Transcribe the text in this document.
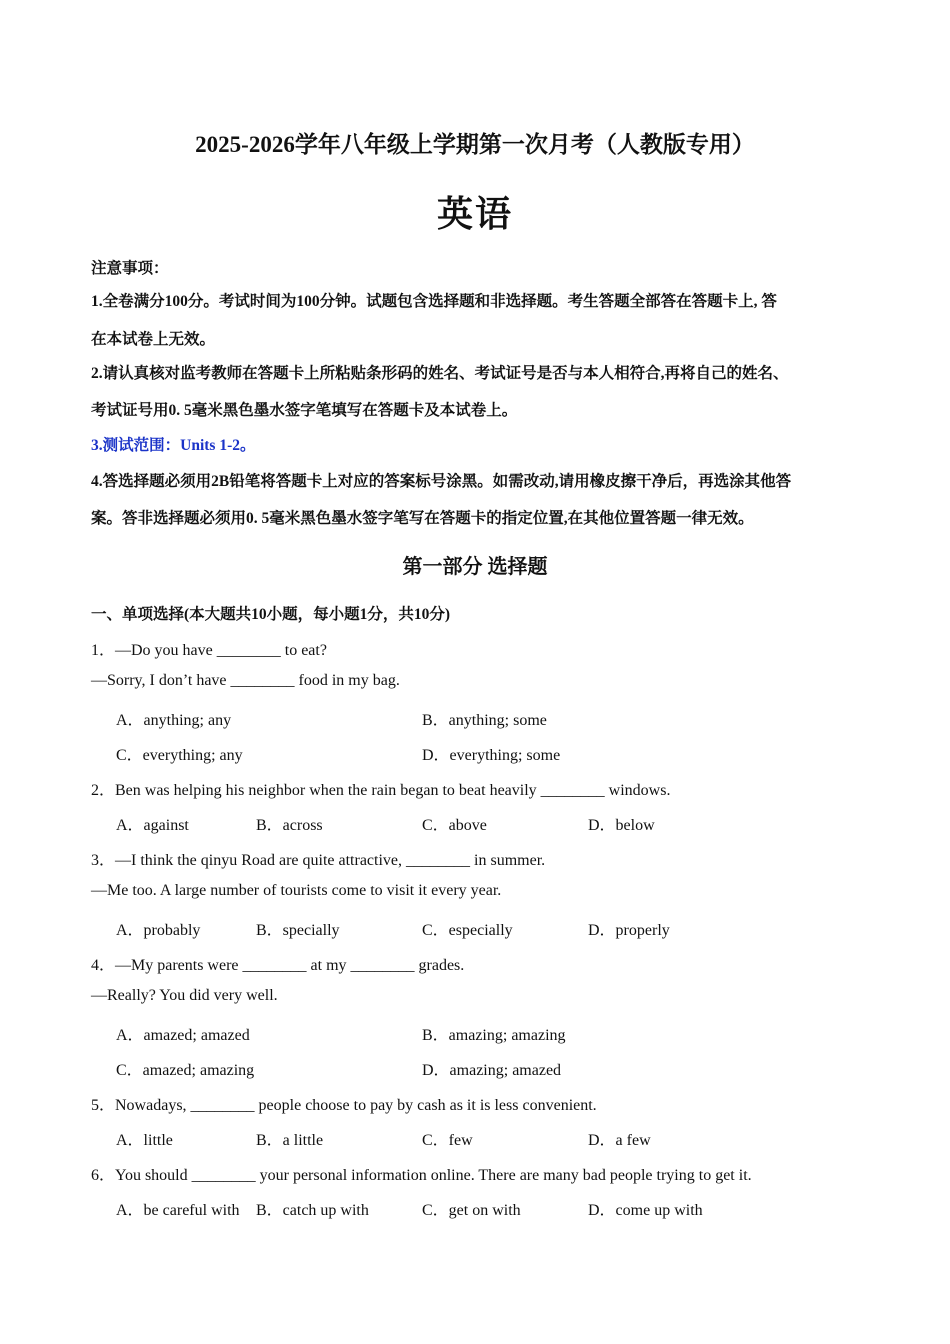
2025-2026学年八年级上学期第一次月考（人教版专用）
英语
注意事项：
1.全卷满分100分。考试时间为100分钟。试题包含选择题和非选择题。考生答题全部答在答题卡上, 答
在本试卷上无效。
2.请认真核对监考教师在答题卡上所粘贴条形码的姓名、考试证号是否与本人相符合,再将自己的姓名、
考试证号用0. 5毫米黑色墨水签字笔填写在答题卡及本试卷上。
3.测试范围：Units 1-2。
4.答选择题必须用2B铅笔将答题卡上对应的答案标号涂黑。如需改动,请用橡皮擦干净后，再选涂其他答
案。答非选择题必须用0. 5毫米黑色墨水签字笔写在答题卡的指定位置,在其他位置答题一律无效。
第一部分 选择题
一、单项选择(本大题共10小题，每小题1分，共10分)
1．—Do you have ________ to eat?
—Sorry, I don’t have ________ food in my bag.
A．anything; any	B．anything; some
C．everything; any	D．everything; some
2．Ben was helping his neighbor when the rain began to beat heavily ________ windows.
A．against	B．across	C．above	D．below
3．—I think the qinyu Road are quite attractive, ________ in summer.
—Me too. A large number of tourists come to visit it every year.
A．probably	B．specially	C．especially	D．properly
4．—My parents were ________ at my ________ grades.
—Really? You did very well.
A．amazed; amazed	B．amazing; amazing
C．amazed; amazing	D．amazing; amazed
5．Nowadays, ________ people choose to pay by cash as it is less convenient.
A．little	B．a little	C．few	D．a few
6．You should ________ your personal information online. There are many bad people trying to get it.
A．be careful with B．catch up with	C．get on with	D．come up with
